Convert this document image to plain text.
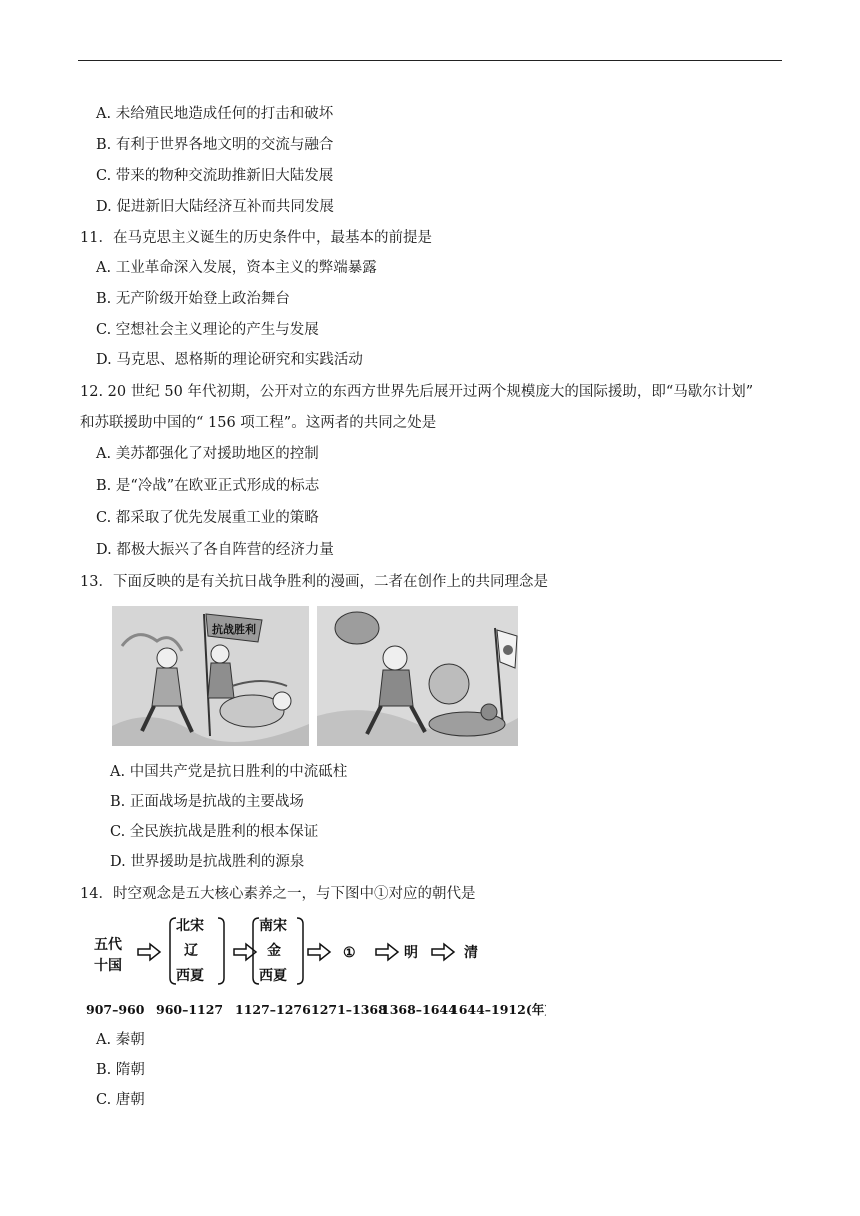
A. 未给殖民地造成任何的打击和破坏
B. 有利于世界各地文明的交流与融合
C. 带来的物种交流助推新旧大陆发展
D. 促进新旧大陆经济互补而共同发展
11．在马克思主义诞生的历史条件中，最基本的前提是
A. 工业革命深入发展，资本主义的弊端暴露
B. 无产阶级开始登上政治舞台
C. 空想社会主义理论的产生与发展
D. 马克思、恩格斯的理论研究和实践活动
12. 20 世纪 50 年代初期，公开对立的东西方世界先后展开过两个规模庞大的国际援助，即“马歇尔计划”
和苏联援助中国的“ 156 项工程”。这两者的共同之处是
A. 美苏都强化了对援助地区的控制
B. 是“冷战”在欧亚正式形成的标志
C. 都采取了优先发展重工业的策略
D. 都极大振兴了各自阵营的经济力量
13．下面反映的是有关抗日战争胜利的漫画，二者在创作上的共同理念是
抗战胜利
A. 中国共产党是抗日胜利的中流砥柱
B. 正面战场是抗战的主要战场
C. 全民族抗战是胜利的根本保证
D. 世界援助是抗战胜利的源泉
14．时空观念是五大核心素养之一，与下图中①对应的朝代是
五代
十国
北宋
辽
西夏
南宋
金
西夏
①	明	清
907–960 960–1127 1127–1276 1271–1368
1368–1644
1644–1912(年)
A. 秦朝
B. 隋朝
C. 唐朝
